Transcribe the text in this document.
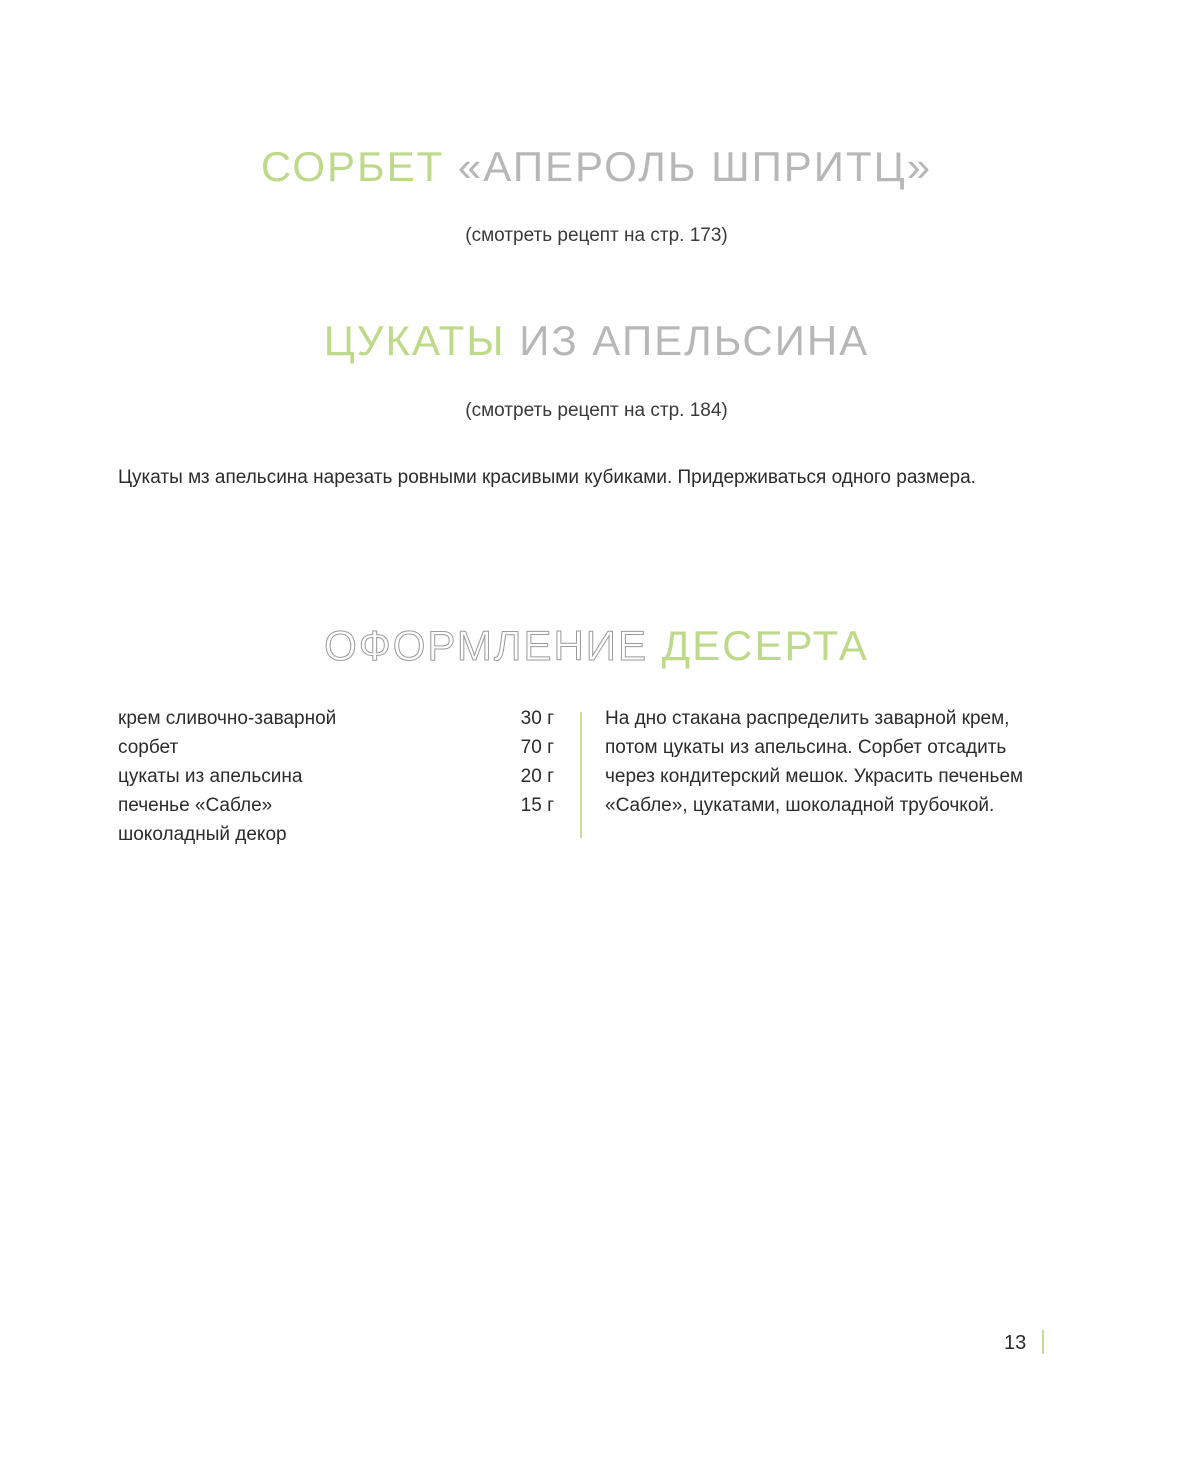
СОРБЕТ «АПЕРОЛЬ ШПРИТЦ»
(смотреть рецепт на стр. 173)
ЦУКАТЫ ИЗ АПЕЛЬСИНА
(смотреть рецепт на стр. 184)
Цукаты мз апельсина нарезать ровными красивыми кубиками. Придерживаться одного размера.
ОФОРМЛЕНИЕ ДЕСЕРТА
крем сливочно-заварной	30 г
сорбет	70 г
цукаты из апельсина	20 г
печенье «Сабле»	15 г
шоколадный декор
На дно стакана распределить заварной крем, потом цукаты из апельсина. Сорбет отсадить через кондитерский мешок. Украсить печеньем «Сабле», цукатами, шоколадной трубочкой.
13
